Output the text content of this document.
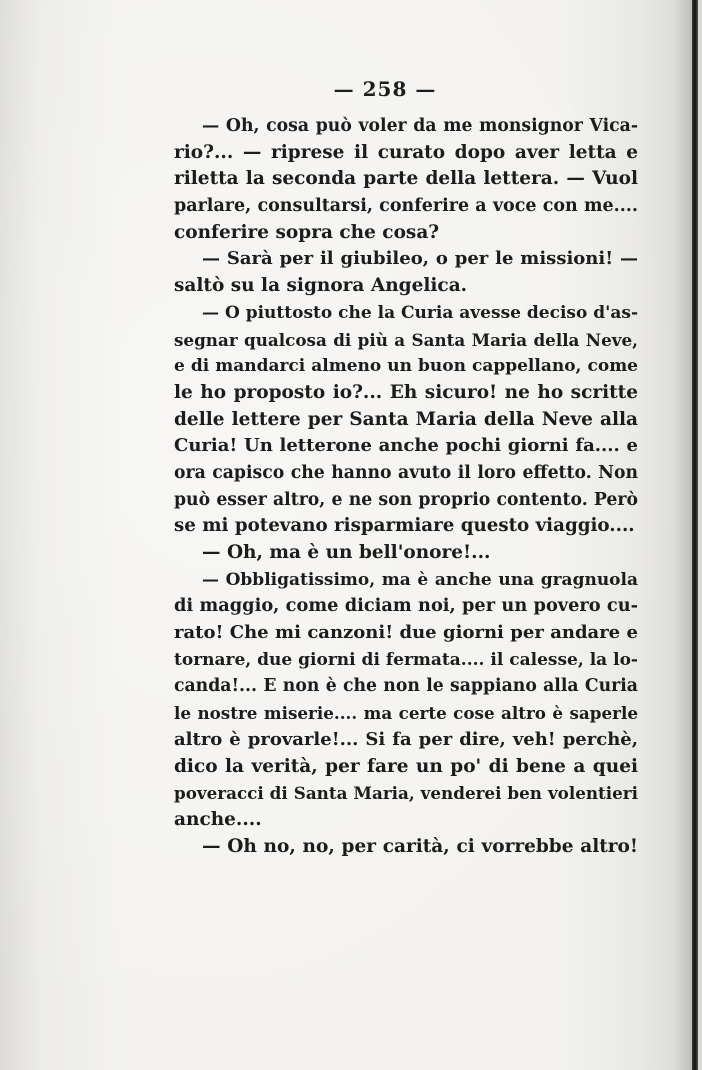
— 258 —
— Oh, cosa può voler da me monsignor Vica-
rio?... — riprese il curato dopo aver letta e
riletta la seconda parte della lettera. — Vuol
parlare, consultarsi, conferire a voce con me....
conferire sopra che cosa?
— Sarà per il giubileo, o per le missioni! —
saltò su la signora Angelica.
— O piuttosto che la Curia avesse deciso d'as-
segnar qualcosa di più a Santa Maria della Neve,
e di mandarci almeno un buon cappellano, come
le ho proposto io?... Eh sicuro! ne ho scritte
delle lettere per Santa Maria della Neve alla
Curia! Un letterone anche pochi giorni fa.... e
ora capisco che hanno avuto il loro effetto. Non
può esser altro, e ne son proprio contento. Però
se mi potevano risparmiare questo viaggio....
— Oh, ma è un bell'onore!...
— Obbligatissimo, ma è anche una gragnuola
di maggio, come diciam noi, per un povero cu-
rato! Che mi canzoni! due giorni per andare e
tornare, due giorni di fermata.... il calesse, la lo-
canda!... E non è che non le sappiano alla Curia
le nostre miserie.... ma certe cose altro è saperle
altro è provarle!... Si fa per dire, veh! perchè,
dico la verità, per fare un po' di bene a quei
poveracci di Santa Maria, venderei ben volentieri
anche....
— Oh no, no, per carità, ci vorrebbe altro!
